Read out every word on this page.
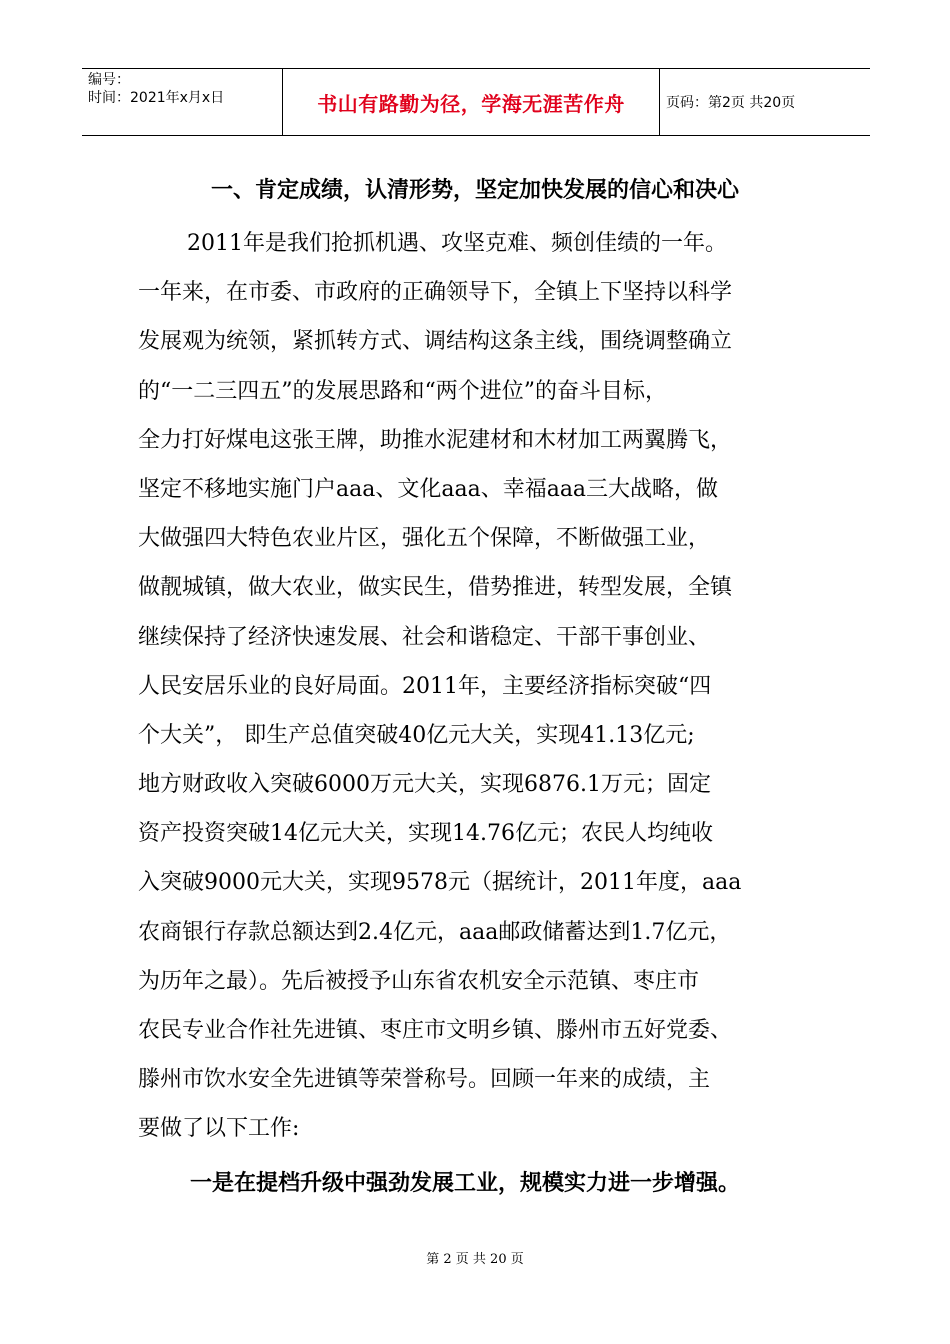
编号：
时间：2021年x月x日	书山有路勤为径，学海无涯苦作舟	页码：第2页 共20页
一、肯定成绩，认清形势，坚定加快发展的信心和决心
2011年是我们抢抓机遇、攻坚克难、频创佳绩的一年。
一年来，在市委、市政府的正确领导下，全镇上下坚持以科学
发展观为统领，紧抓转方式、调结构这条主线，围绕调整确立
的“一二三四五”的发展思路和“两个进位”的奋斗目标，
全力打好煤电这张王牌，助推水泥建材和木材加工两翼腾飞，
坚定不移地实施门户aaa、文化aaa、幸福aaa三大战略，做
大做强四大特色农业片区，强化五个保障，不断做强工业，
做靓城镇，做大农业，做实民生，借势推进，转型发展，全镇
继续保持了经济快速发展、社会和谐稳定、干部干事创业、
人民安居乐业的良好局面。2011年，主要经济指标突破“四
个大关”， 即生产总值突破40亿元大关，实现41.13亿元;
地方财政收入突破6000万元大关，实现6876.1万元；固定
资产投资突破14亿元大关，实现14.76亿元；农民人均纯收
入突破9000元大关，实现9578元（据统计，2011年度，aaa
农商银行存款总额达到2.4亿元，aaa邮政储蓄达到1.7亿元，
为历年之最）。先后被授予山东省农机安全示范镇、枣庄市
农民专业合作社先进镇、枣庄市文明乡镇、滕州市五好党委、
滕州市饮水安全先进镇等荣誉称号。回顾一年来的成绩，主
要做了以下工作:
一是在提档升级中强劲发展工业，规模实力进一步增强。
第 2 页 共 20 页
